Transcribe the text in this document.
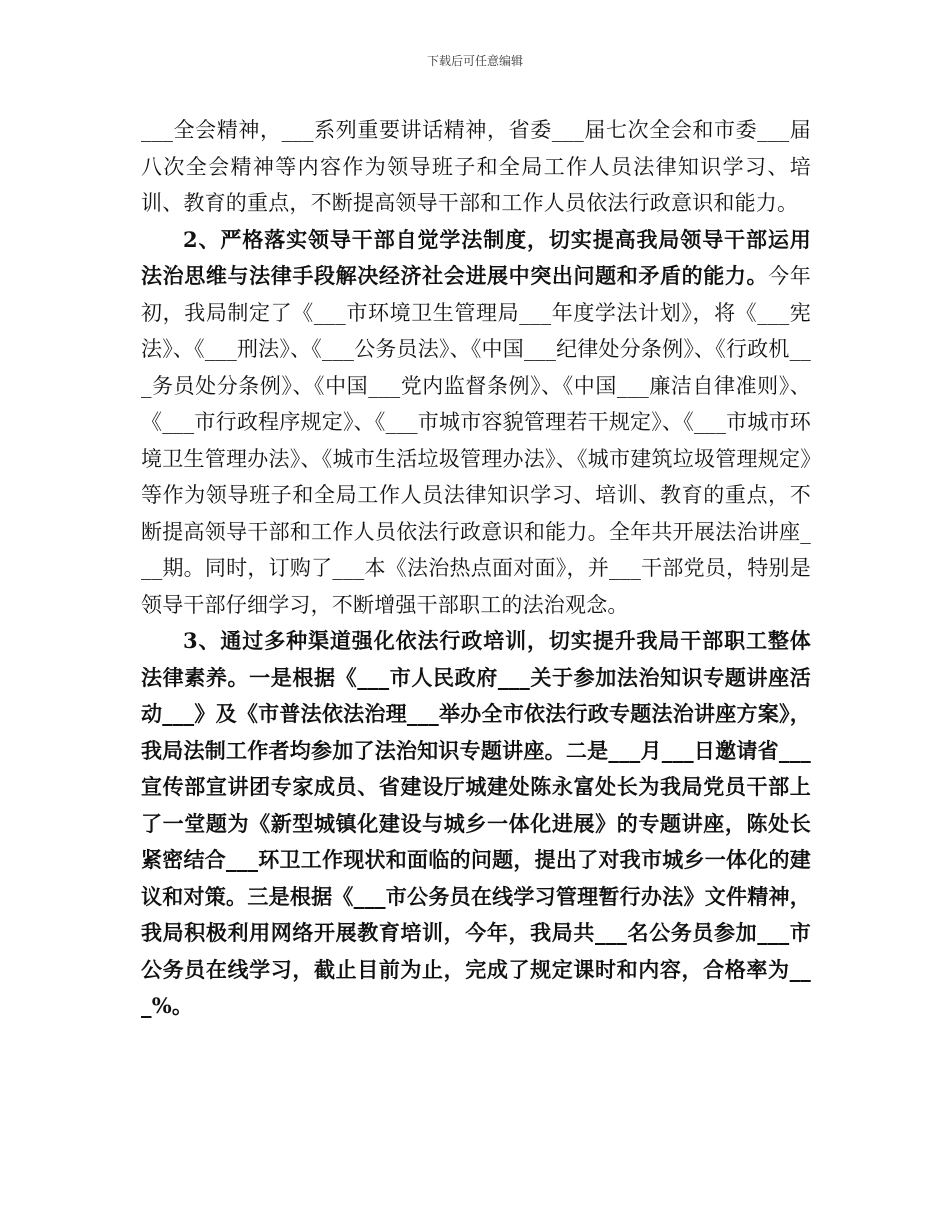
下载后可任意编辑

___全会精神，___系列重要讲话精神，省委___届七次全会和市委___届八次全会精神等内容作为领导班子和全局工作人员法律知识学习、培训、教育的重点，不断提高领导干部和工作人员依法行政意识和能力。

2、严格落实领导干部自觉学法制度，切实提高我局领导干部运用法治思维与法律手段解决经济社会进展中突出问题和矛盾的能力。今年初，我局制定了《___市环境卫生管理局___年度学法计划》，将《___宪法》、《___刑法》、《___公务员法》、《中国___纪律处分条例》、《行政机___务员处分条例》、《中国___党内监督条例》、《中国___廉洁自律准则》、《___市行政程序规定》、《___市城市容貌管理若干规定》、《___市城市环境卫生管理办法》、《城市生活垃圾管理办法》、《城市建筑垃圾管理规定》等作为领导班子和全局工作人员法律知识学习、培训、教育的重点，不断提高领导干部和工作人员依法行政意识和能力。全年共开展法治讲座___期。同时，订购了___本《法治热点面对面》，并___干部党员，特别是领导干部仔细学习，不断增强干部职工的法治观念。

3、通过多种渠道强化依法行政培训，切实提升我局干部职工整体法律素养。一是根据《___市人民政府___关于参加法治知识专题讲座活动___》及《市普法依法治理___举办全市依法行政专题法治讲座方案》，我局法制工作者均参加了法治知识专题讲座。二是___月___日邀请省___宣传部宣讲团专家成员、省建设厅城建处陈永富处长为我局党员干部上了一堂题为《新型城镇化建设与城乡一体化进展》的专题讲座，陈处长紧密结合___环卫工作现状和面临的问题，提出了对我市城乡一体化的建议和对策。三是根据《___市公务员在线学习管理暂行办法》文件精神，我局积极利用网络开展教育培训，今年，我局共___名公务员参加___市公务员在线学习，截止目前为止，完成了规定课时和内容，合格率为___%。
